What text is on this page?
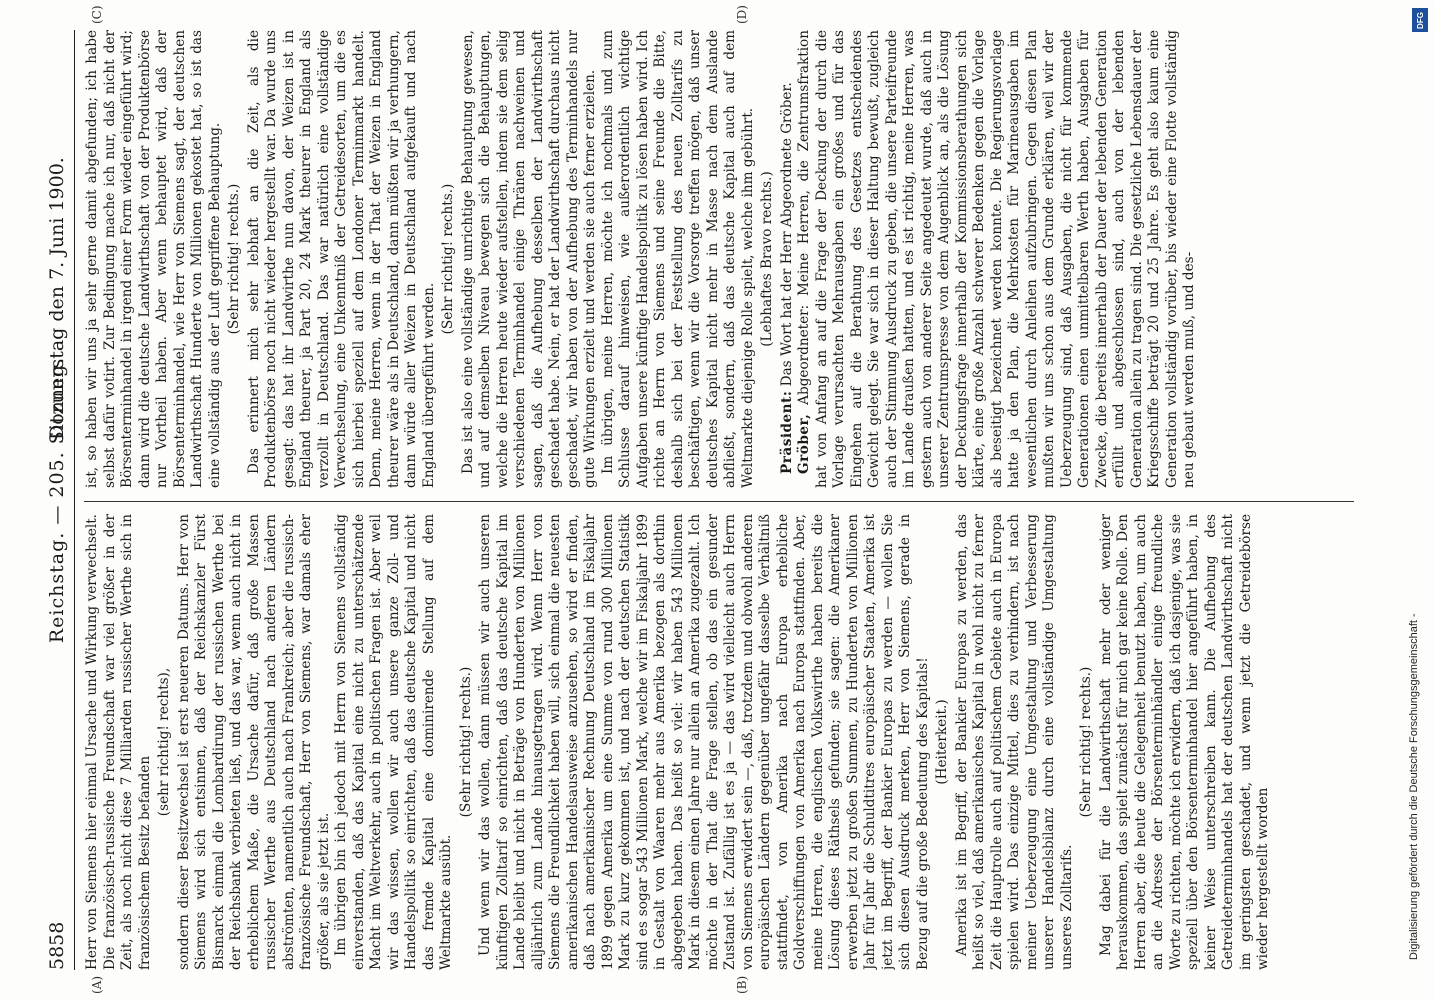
5858
Reichstag. — 205. Sitzung.
Donnerstag den 7. Juni 1900.
(A)	(B)
(C)	(D)

Herr von Siemens hier einmal Ursache und Wirkung verwechselt. Die französisch-russische Freundschaft war viel größer in der Zeit, als noch nicht diese 7 Milliarden russischer Werthe sich in französischem Besitz befanden

(sehr richtig! rechts), sondern dieser Besitzwechsel ist erst neueren Datums. Herr von Siemens wird sich entsinnen, daß der Reichskanzler Fürst Bismarck einmal die Lombardirung der russischen Werthe bei der Reichsbank verbieten ließ, und das war, wenn auch nicht in erheblichem Maße, die Ursache dafür, daß große Massen russischer Werthe aus Deutschland nach anderen Ländern abströmten, namentlich auch nach Frankreich; aber die russisch-französische Freundschaft, Herr von Siemens, war damals eher größer, als sie jetzt ist. Im übrigen bin ich jedoch mit Herrn von Siemens vollständig einverstanden, daß das Kapital eine nicht zu unterschätzende Macht im Weltverkehr, auch in politischen Fragen ist. Aber weil wir das wissen, wollen wir auch unsere ganze Zoll- und Handelspolitik so einrichten, daß das deutsche Kapital und nicht das fremde Kapital eine dominirende Stellung auf dem Weltmarkte ausübt.

(Sehr richtig! rechts.) Und wenn wir das wollen, dann müssen wir auch unseren künftigen Zolltarif so einrichten, daß das deutsche Kapital im Lande bleibt und nicht in Beträge von Hunderten von Millionen alljährlich zum Lande hinausgetragen wird. Wenn Herr von Siemens die Freundlichkeit haben will, sich einmal die neuesten amerikanischen Handelsausweise anzusehen, so wird er finden, daß nach amerikanischer Rechnung Deutschland im Fiskaljahr 1899 gegen Amerika um eine Summe von rund 300 Millionen Mark zu kurz gekommen ist, und nach der deutschen Statistik sind es sogar 543 Millionen Mark, welche wir im Fiskaljahr 1899 in Gestalt von Waaren mehr aus Amerika bezogen als dorthin abgegeben haben. Das heißt so viel: wir haben 543 Millionen Mark in diesem einen Jahre nur allein an Amerika zugezahlt. Ich möchte in der That die Frage stellen, ob das ein gesunder Zustand ist. Zufällig ist es ja — das wird vielleicht auch Herrn von Siemens erwidert sein —, daß, trotzdem und obwohl anderen europäischen Ländern gegenüber ungefähr dasselbe Verhältniß stattfindet, von Amerika nach Europa erhebliche Goldverschiffungen von Amerika nach Europa stattfinden. Aber, meine Herren, die englischen Volkswirthe haben bereits die Lösung dieses Räthsels gefunden; sie sagen: die Amerikaner erwerben jetzt zu großen Summen, zu Hunderten von Millionen Jahr für Jahr die Schuldtitres europäischer Staaten, Amerika ist jetzt im Begriff, der Bankier Europas zu werden — wollen Sie sich diesen Ausdruck merken, Herr von Siemens, gerade in Bezug auf die große Bedeutung des Kapitals! (Heiterkeit.) Amerika ist im Begriff, der Bankier Europas zu werden, das heißt so viel, daß amerikanisches Kapital in wohl nicht zu ferner Zeit die Hauptrolle auch auf politischem Gebiete auch in Europa spielen wird. Das einzige Mittel, dies zu verhindern, ist nach meiner Ueberzeugung eine Umgestaltung und Verbesserung unserer Handelsbilanz durch eine vollständige Umgestaltung unseres Zolltarifs.

(Sehr richtig! rechts.) Mag dabei für die Landwirthschaft mehr oder weniger herauskommen, das spielt zunächst für mich gar keine Rolle. Den Herren aber, die heute die Gelegenheit benutzt haben, um auch an die Adresse der Börsenterminhändler einige freundliche Worte zu richten, möchte ich erwidern, daß ich dasjenige, was sie speziell über den Börsenterminhandel hier angeführt haben, in keiner Weise unterschreiben kann. Die Aufhebung des Getreideterminhandels hat der deutschen Landwirthschaft nicht im geringsten geschadet, und wenn jetzt die Getreidebörse wieder hergestellt worden

ist, so haben wir uns ja sehr gerne damit abgefunden; ich habe selbst dafür votirt. Zur Bedingung mache ich nur, daß nicht der Börsenterminhandel in irgend einer Form wieder eingeführt wird; dann wird die deutsche Landwirthschaft von der Produktenbörse nur Vortheil haben. Aber wenn behauptet wird, daß der Börsenterminhandel, wie Herr von Siemens sagt, der deutschen Landwirthschaft Hunderte von Millionen gekostet hat, so ist das eine vollständig aus der Luft gegriffene Behauptung. (Sehr richtig! rechts.) Das erinnert mich sehr lebhaft an die Zeit, als die Produktenbörse noch nicht wieder hergestellt war. Da wurde uns gesagt: das hat ihr Landwirthe nun davon, der Weizen ist in England theurer, ja Part 20, 24 Mark theurer in England als verzollt in Deutschland. Das war natürlich eine vollständige Verwechselung, eine Unkenntniß der Getreidesorten, um die es sich hierbei speziell auf dem Londoner Terminmarkt handelt. Denn, meine Herren, wenn in der That der Weizen in England theurer wäre als in Deutschland, dann müßten wir ja verhungern, dann würde aller Weizen in Deutschland aufgekauft und nach England übergeführt werden.

(Sehr richtig! rechts.) Das ist also eine vollständige unrichtige Behauptung gewesen, und auf demselben Niveau bewegen sich die Behauptungen, welche die Herren heute wieder aufstellen, indem sie dem selig verschiedenen Terminhandel einige Thränen nachweinen und sagen, daß die Aufhebung desselben der Landwirthschaft geschadet habe. Nein, er hat der Landwirthschaft durchaus nicht geschadet, wir haben von der Aufhebung des Terminhandels nur gute Wirkungen erzielt und werden sie auch ferner erzielen. Im übrigen, meine Herren, möchte ich nochmals und zum Schlusse darauf hinweisen, wie außerordentlich wichtige Aufgaben unsere künftige Handelspolitik zu lösen haben wird. Ich richte an Herrn von Siemens und seine Freunde die Bitte, deshalb sich bei der Feststellung des neuen Zolltarifs zu beschäftigen, wenn wir die Vorsorge treffen mögen, daß unser deutsches Kapital nicht mehr in Masse nach dem Auslande abfließt, sondern, daß das deutsche Kapital auch auf dem Weltmarkte diejenige Rolle spielt, welche ihm gebührt. (Lebhaftes Bravo rechts.)

Präsident: Das Wort hat der Herr Abgeordnete Gröber.

Gröber, Abgeordneter: Meine Herren, die Zentrumsfraktion hat von Anfang an auf die Frage der Deckung der durch die Vorlage verursachten Mehrausgaben ein großes und für das Eingehen auf die Berathung des Gesetzes entscheidendes Gewicht gelegt. Sie war sich in dieser Haltung bewußt, zugleich auch der Stimmung Ausdruck zu geben, die unsere Parteifreunde im Lande draußen hatten, und es ist richtig, meine Herren, was gestern auch von anderer Seite angedeutet wurde, daß auch in unserer Zentrumspresse von dem Augenblick an, als die Lösung der Deckungsfrage innerhalb der Kommissionsberathungen sich klärte, eine große Anzahl schwerer Bedenken gegen die Vorlage als beseitigt bezeichnet werden konnte. Die Regierungsvorlage hatte ja den Plan, die Mehrkosten für Marineausgaben im wesentlichen durch Anleihen aufzubringen. Gegen diesen Plan mußten wir uns schon aus dem Grunde erklären, weil wir der Ueberzeugung sind, daß Ausgaben, die nicht für kommende Generationen einen unmittelbaren Werth haben, Ausgaben für Zwecke, die bereits innerhalb der Dauer der lebenden Generation erfüllt und abgeschlossen sind, auch von der lebenden Generation allein zu tragen sind. Die gesetzliche Lebensdauer der Kriegsschiffe beträgt 20 und 25 Jahre. Es geht also kaum eine Generation vollständig vorüber, bis wieder eine Flotte vollständig neu gebaut werden muß, und des-

DFG
Digitalisierung gefördert durch die Deutsche Forschungsgemeinschaft -
